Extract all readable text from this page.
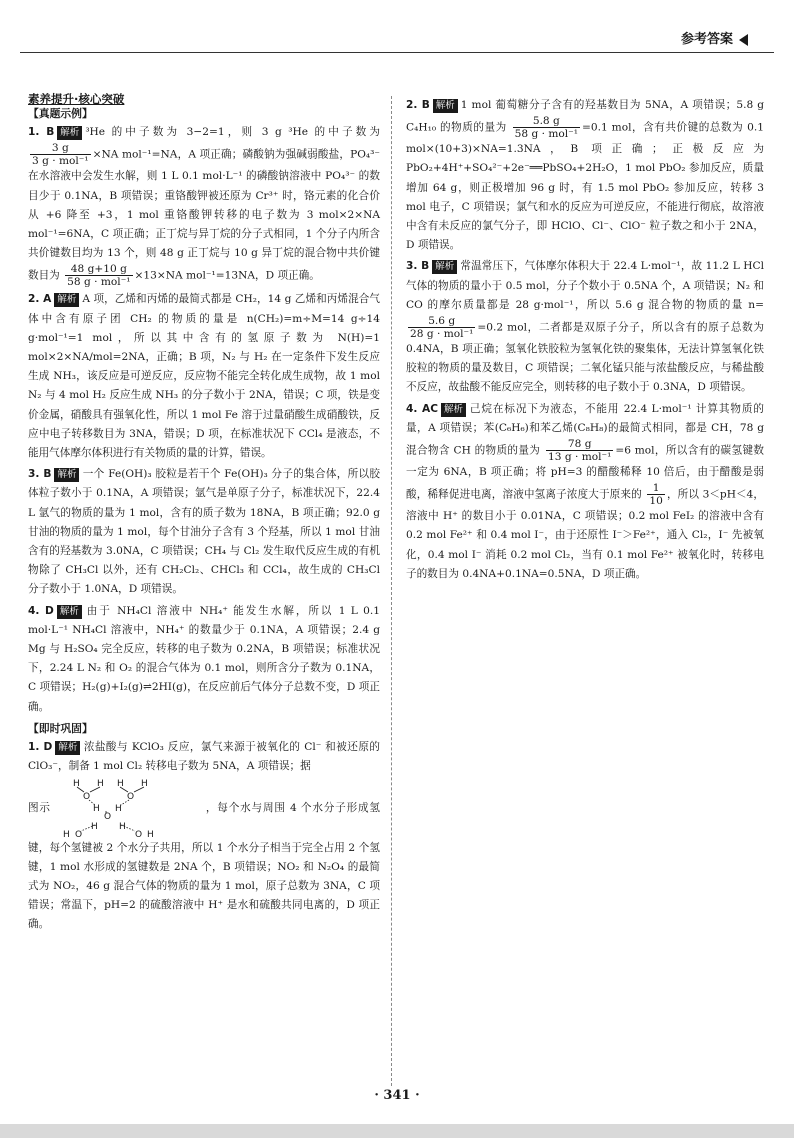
参考答案
素养提升·核心突破
【真题示例】

1. B 解析 ³He 的中子数为 3−2=1，则 3 g ³He 的中子数为
$\frac{3 g}{\text{3 g · mol⁻¹}} \times NA$ mol⁻¹=NA，A 项正确；磷酸钠为强碱弱酸盐，PO₄³⁻ 在水溶液中会发生水解，则 1 L 0.1 mol·L⁻¹ 的磷酸钠溶液中 PO₄³⁻ 的数目少于 0.1NA，B 项错误；重铬酸钾被还原为 Cr³⁺ 时，铬元素的化合价从 +6 降至 +3，1 mol 重铬酸钾转移的电子数为 3 mol×2×NA mol⁻¹=6NA，C 项正确；正丁烷与异丁烷的分子式相同，1 个分子内所含共价键数目均为 13 个，则 48 g 正丁烷与 10 g 异丁烷的混合物中共价键数目为 $\frac{48 g+10 g}{\text{58 g · mol⁻¹}} \times 13\times NA$ mol⁻¹=13NA，D 项正确。

2. A 解析 A 项，乙烯和丙烯的最简式都是 CH₂，14 g 乙烯和丙烯混合气体中含有原子团 CH₂ 的物质的量是 n(CH₂)=m÷M=14 g÷14 g·mol⁻¹=1 mol，所以其中含有的氢原子数为 N(H)=1 mol×2×NA/mol=2NA，正确；B 项，N₂ 与 H₂ 在一定条件下发生反应生成 NH₃，该反应是可逆反应，反应物不能完全转化成生成物，故 1 mol N₂ 与 4 mol H₂ 反应生成 NH₃ 的分子数小于 2NA，错误；C 项，铁是变价金属，硝酸具有强氧化性，所以 1 mol Fe 溶于过量硝酸生成硝酸铁，反应中电子转移数目为 3NA，错误；D 项，在标准状况下 CCl₄ 是液态，不能用气体摩尔体积进行有关物质的量的计算，错误。

3. B 解析 一个 Fe(OH)₃ 胶粒是若干个 Fe(OH)₃ 分子的集合体，所以胶体粒子数小于 0.1NA，A 项错误；氩气是单原子分子，标准状况下，22.4 L 氩气的物质的量为 1 mol，含有的质子数为 18NA，B 项正确；92.0 g 甘油的物质的量为 1 mol，每个甘油分子含有 3 个羟基，所以 1 mol 甘油含有的羟基数为 3.0NA，C 项错误；CH₄ 与 Cl₂ 发生取代反应生成的有机物除了 CH₃Cl 以外，还有 CH₂Cl₂、CHCl₃ 和 CCl₄，故生成的 CH₃Cl 分子数小于 1.0NA，D 项错误。

4. D 解析 由于 NH₄Cl 溶液中 NH₄⁺ 能发生水解，所以 1 L 0.1 mol·L⁻¹ NH₄Cl 溶液中，NH₄⁺ 的数量少于 0.1NA，A 项错误；2.4 g Mg 与 H₂SO₄ 完全反应，转移的电子数为 0.2NA，B 项错误；标准状况下，2.24 L N₂ 和 O₂ 的混合气体为 0.1 mol，则所含分子数为 0.1NA，C 项错误；H₂(g)+I₂(g)⇌2HI(g)，在反应前后气体分子总数不变，D 项正确。

【即时巩固】

1. D 解析 浓盐酸与 KClO₃ 反应，氯气来源于被氧化的 Cl⁻ 和被还原的 ClO₃⁻，制备 1 mol Cl₂ 转移电子数为 5NA，A 项错误；据
图示
H H H H
O	O
H H
O
H H
O	O
H	H
，每个水与周围 4 个水分子形成氢键，每个氢键被 2 个水分子共用，所以 1 个水分子相当于完全占用 2 个氢键，1 mol 水形成的氢键数是 2NA 个，B 项错误；NO₂ 和 N₂O₄ 的最简式为 NO₂，46 g 混合气体的物质的量为 1 mol，原子总数为 3NA，C 项错误；常温下，pH=2 的硫酸溶液中 H⁺ 是水和硫酸共同电离的，D 项正确。

2. B 解析 1 mol 葡萄糖分子含有的羟基数目为 5NA，A 项错误；5.8 g C₄H₁₀ 的物质的量为 $\frac{5.8 g}{\text{58 g · mol⁻¹}} =0.1$ mol，含有共价键的总数为 0.1 mol×(10+3)×NA=1.3NA，B 项正确；正极反应为 PbO₂+4H⁺+SO₄²⁻+2e⁻══PbSO₄+2H₂O，1 mol PbO₂ 参加反应，质量增加 64 g，则正极增加 96 g 时，有 1.5 mol PbO₂ 参加反应，转移 3 mol 电子，C 项错误；氯气和水的反应为可逆反应，不能进行彻底，故溶液中含有未反应的氯气分子，即 HClO、Cl⁻、ClO⁻ 粒子数之和小于 2NA，D 项错误。

3. B 解析 常温常压下，气体摩尔体积大于 22.4 L·mol⁻¹，故 11.2 L HCl 气体的物质的量小于 0.5 mol，分子个数小于 0.5NA 个，A 项错误；N₂ 和 CO 的摩尔质量都是 28 g·mol⁻¹，所以 5.6 g 混合物的物质的量 n=
$\frac{5.6 g}{\text{28 g · mol⁻¹}} =0.2$ mol，二者都是双原子分子，所以含有的原子总数为 0.4NA，B 项正确；氢氧化铁胶粒为氢氧化铁的聚集体，无法计算氢氧化铁胶粒的物质的量及数目，C 项错误；二氧化锰只能与浓盐酸反应，与稀盐酸不反应，故盐酸不能反应完全，则转移的电子数小于 0.3NA，D 项错误。

4. AC 解析 己烷在标况下为液态，不能用 22.4 L·mol⁻¹ 计算其物质的量，A 项错误；苯(C₆H₆)和苯乙烯(C₈H₈)的最简式相同，都是 CH，78 g 混合物含 CH 的物质的量为 $\frac{78 g}{\text{13 g · mol⁻¹}} =6$ mol，所以含有的碳氢键数一定为 6NA，B 项正确；将 pH=3 的醋酸稀释 10 倍后，由于醋酸是弱酸，稀释促进电离，溶液中氢离子浓度大于原来的 $\frac{1}{10}$ ，所以 3＜pH＜4，溶液中 H⁺ 的数目小于 0.01NA，C 项错误；0.2 mol FeI₂ 的溶液中含有 0.2 mol Fe²⁺ 和 0.4 mol I⁻，由于还原性 I⁻＞Fe²⁺，通入 Cl₂，I⁻ 先被氧化，0.4 mol I⁻ 消耗 0.2 mol Cl₂，当有 0.1 mol Fe²⁺ 被氧化时，转移电子的数目为 0.4NA+0.1NA=0.5NA，D 项正确。

· 341 ·
